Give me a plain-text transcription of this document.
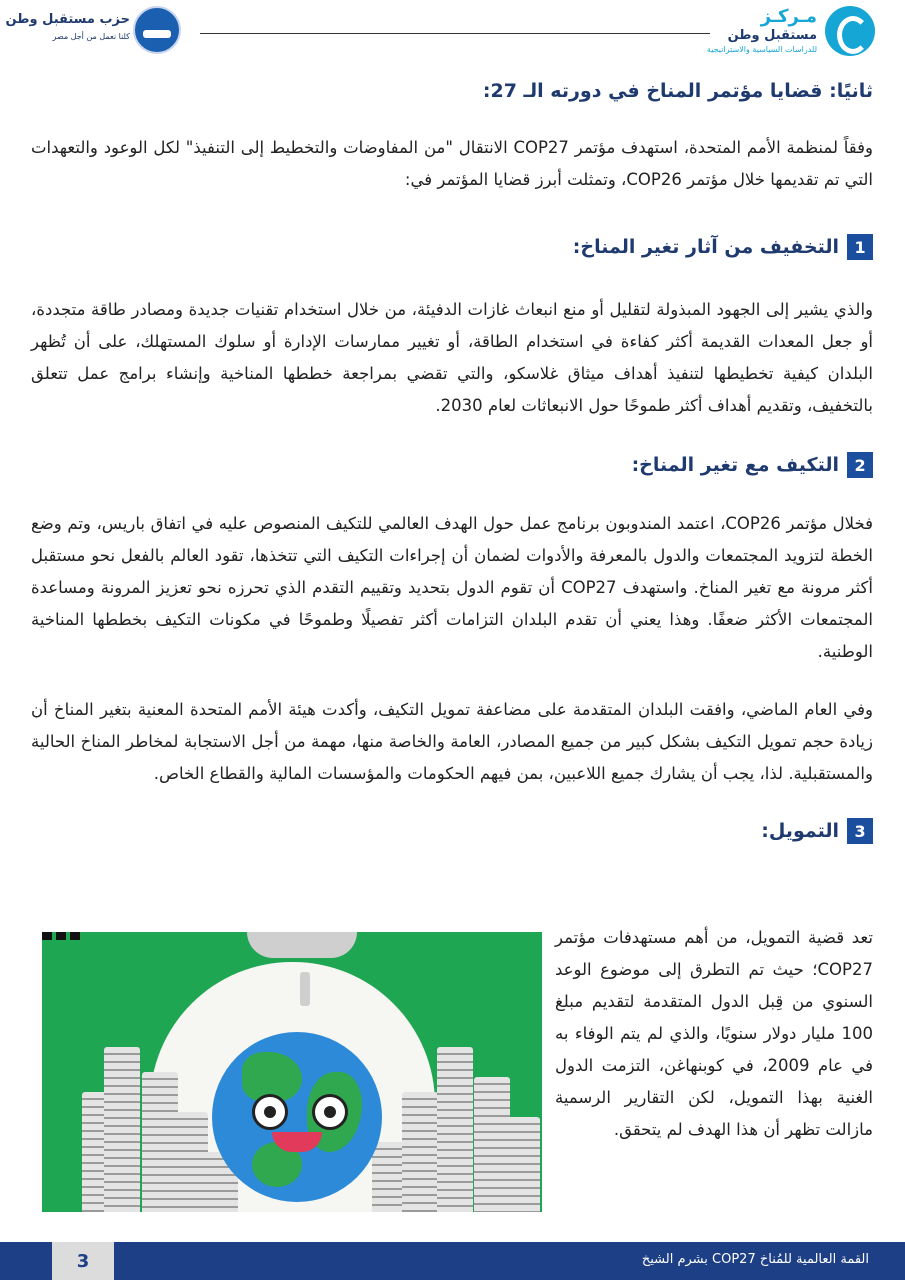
مـركـز
مستقبل وطن
للدراسات السياسية والاستراتيجية
حزب مستقبل وطن
كلنا نعمل من أجل مصر
ثانيًا: قضايا مؤتمر المناخ في دورته الـ 27:

وفقاً لمنظمة الأمم المتحدة، استهدف مؤتمر COP27 الانتقال "من المفاوضات والتخطيط إلى التنفيذ" لكل الوعود والتعهدات التي تم تقديمها خلال مؤتمر COP26، وتمثلت أبرز قضايا المؤتمر في:

1
التخفيف من آثار تغير المناخ:

والذي يشير إلى الجهود المبذولة لتقليل أو منع انبعاث غازات الدفيئة، من خلال استخدام تقنيات جديدة ومصادر طاقة متجددة، أو جعل المعدات القديمة أكثر كفاءة في استخدام الطاقة، أو تغيير ممارسات الإدارة أو سلوك المستهلك، على أن تُظهر البلدان كيفية تخطيطها لتنفيذ أهداف ميثاق غلاسكو، والتي تقضي بمراجعة خططها المناخية وإنشاء برامج عمل تتعلق بالتخفيف، وتقديم أهداف أكثر طموحًا حول الانبعاثات لعام 2030.

2
التكيف مع تغير المناخ:

فخلال مؤتمر COP26، اعتمد المندوبون برنامج عمل حول الهدف العالمي للتكيف المنصوص عليه في اتفاق باريس، وتم وضع الخطة لتزويد المجتمعات والدول بالمعرفة والأدوات لضمان أن إجراءات التكيف التي تتخذها، تقود العالم بالفعل نحو مستقبل أكثر مرونة مع تغير المناخ. واستهدف COP27 أن تقوم الدول بتحديد وتقييم التقدم الذي تحرزه نحو تعزيز المرونة ومساعدة المجتمعات الأكثر ضعفًا. وهذا يعني أن تقدم البلدان التزامات أكثر تفصيلًا وطموحًا في مكونات التكيف بخططها المناخية الوطنية.

وفي العام الماضي، وافقت البلدان المتقدمة على مضاعفة تمويل التكيف، وأكدت هيئة الأمم المتحدة المعنية بتغير المناخ أن زيادة حجم تمويل التكيف بشكل كبير من جميع المصادر، العامة والخاصة منها، مهمة من أجل الاستجابة لمخاطر المناخ الحالية والمستقبلية. لذا، يجب أن يشارك جميع اللاعبين، بمن فيهم الحكومات والمؤسسات المالية والقطاع الخاص.

3
التمويل:

تعد قضية التمويل، من أهم مستهدفات مؤتمر COP27؛ حيث تم التطرق إلى موضوع الوعد السنوي من قِبل الدول المتقدمة لتقديم مبلغ 100 مليار دولار سنويًا، والذي لم يتم الوفاء به في عام 2009، في كوبنهاغن، التزمت الدول الغنية بهذا التمويل، لكن التقارير الرسمية مازالت تظهر أن هذا الهدف لم يتحقق.

3	القمة العالمية للمُناخ COP27 بشرم الشيخ
